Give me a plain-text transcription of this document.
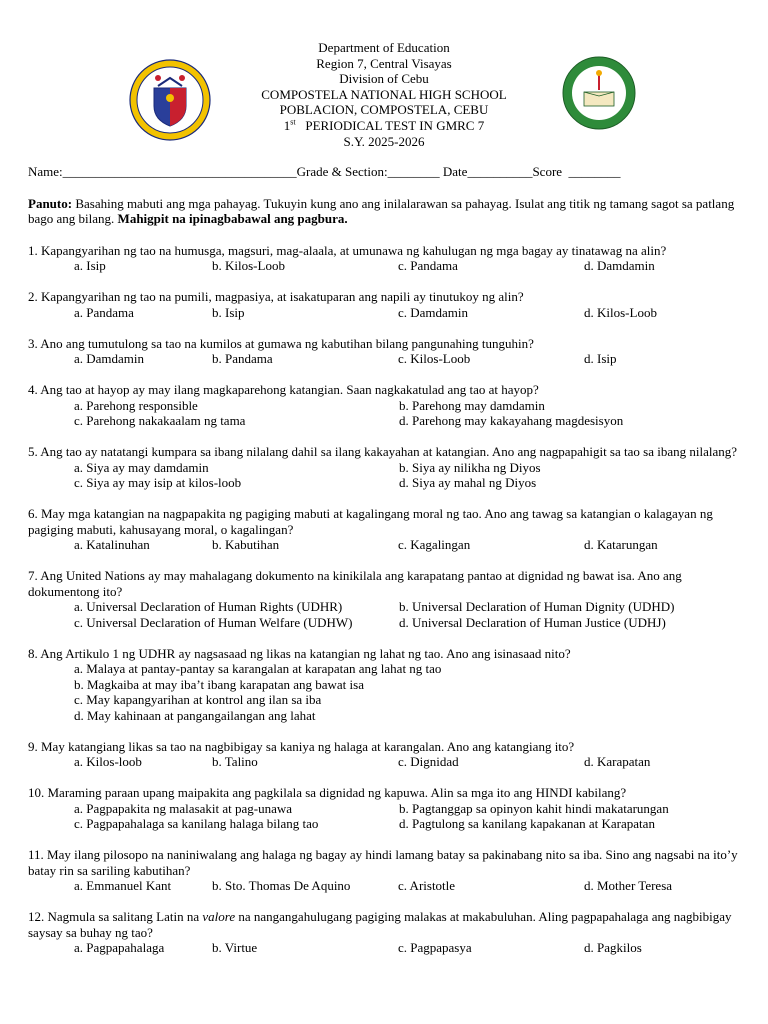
Department of Education
Region 7, Central Visayas
Division of Cebu
COMPOSTELA NATIONAL HIGH SCHOOL
POBLACION, COMPOSTELA, CEBU
1st PERIODICAL TEST IN GMRC 7
S.Y. 2025-2026
Name:____________________________________Grade & Section:________ Date__________Score ________
Panuto: Basahing mabuti ang mga pahayag. Tukuyin kung ano ang inilalarawan sa pahayag. Isulat ang titik ng tamang sagot sa patlang bago ang bilang. Mahigpit na ipinagbabawal ang pagbura.
1. Kapangyarihan ng tao na humusga, magsuri, mag-alaala, at umunawa ng kahulugan ng mga bagay ay tinatawag na alin?
a. Isip	b. Kilos-Loob	c. Pandama	d. Damdamin
2. Kapangyarihan ng tao na pumili, magpasiya, at isakatuparan ang napili ay tinutukoy ng alin?
a. Pandama	b. Isip	c. Damdamin	d. Kilos-Loob
3. Ano ang tumutulong sa tao na kumilos at gumawa ng kabutihan bilang pangunahing tunguhin?
a. Damdamin	b. Pandama	c. Kilos-Loob	d. Isip
4. Ang tao at hayop ay may ilang magkaparehong katangian. Saan nagkakatulad ang tao at hayop?
a. Parehong responsible	b. Parehong may damdamin
c. Parehong nakakaalam ng tama	d. Parehong may kakayahang magdesisyon
5. Ang tao ay natatangi kumpara sa ibang nilalang dahil sa ilang kakayahan at katangian. Ano ang nagpapahigit sa tao sa ibang nilalang?
a. Siya ay may damdamin	b. Siya ay nilikha ng Diyos
c. Siya ay may isip at kilos-loob	d. Siya ay mahal ng Diyos
6. May mga katangian na nagpapakita ng pagiging mabuti at kagalingang moral ng tao. Ano ang tawag sa katangian o kalagayan ng pagiging mabuti, kahusayang moral, o kagalingan?
a. Katalinuhan	b. Kabutihan	c. Kagalingan	d. Katarungan
7. Ang United Nations ay may mahalagang dokumento na kinikilala ang karapatang pantao at dignidad ng bawat isa. Ano ang dokumentong ito?
a. Universal Declaration of Human Rights (UDHR)	b. Universal Declaration of Human Dignity (UDHD)
c. Universal Declaration of Human Welfare (UDHW)	d. Universal Declaration of Human Justice (UDHJ)
8. Ang Artikulo 1 ng UDHR ay nagsasaad ng likas na katangian ng lahat ng tao. Ano ang isinasaad nito?
a. Malaya at pantay-pantay sa karangalan at karapatan ang lahat ng tao
b. Magkaiba at may iba’t ibang karapatan ang bawat isa
c. May kapangyarihan at kontrol ang ilan sa iba
d. May kahinaan at pangangailangan ang lahat
9. May katangiang likas sa tao na nagbibigay sa kaniya ng halaga at karangalan. Ano ang katangiang ito?
a. Kilos-loob	b. Talino	c. Dignidad	d. Karapatan
10. Maraming paraan upang maipakita ang pagkilala sa dignidad ng kapuwa. Alin sa mga ito ang HINDI kabilang?
a. Pagpapakita ng malasakit at pag-unawa	b. Pagtanggap sa opinyon kahit hindi makatarungan
c. Pagpapahalaga sa kanilang halaga bilang tao	d. Pagtulong sa kanilang kapakanan at Karapatan
11. May ilang pilosopo na naniniwalang ang halaga ng bagay ay hindi lamang batay sa pakinabang nito sa iba. Sino ang nagsabi na ito’y batay rin sa sariling kabutihan?
a. Emmanuel Kant	b. Sto. Thomas De Aquino	c. Aristotle	d. Mother Teresa
12. Nagmula sa salitang Latin na valore na nangangahulugang pagiging malakas at makabuluhan. Aling pagpapahalaga ang nagbibigay saysay sa buhay ng tao?
a. Pagpapahalaga	b. Virtue	c. Pagpapasya	d. Pagkilos
